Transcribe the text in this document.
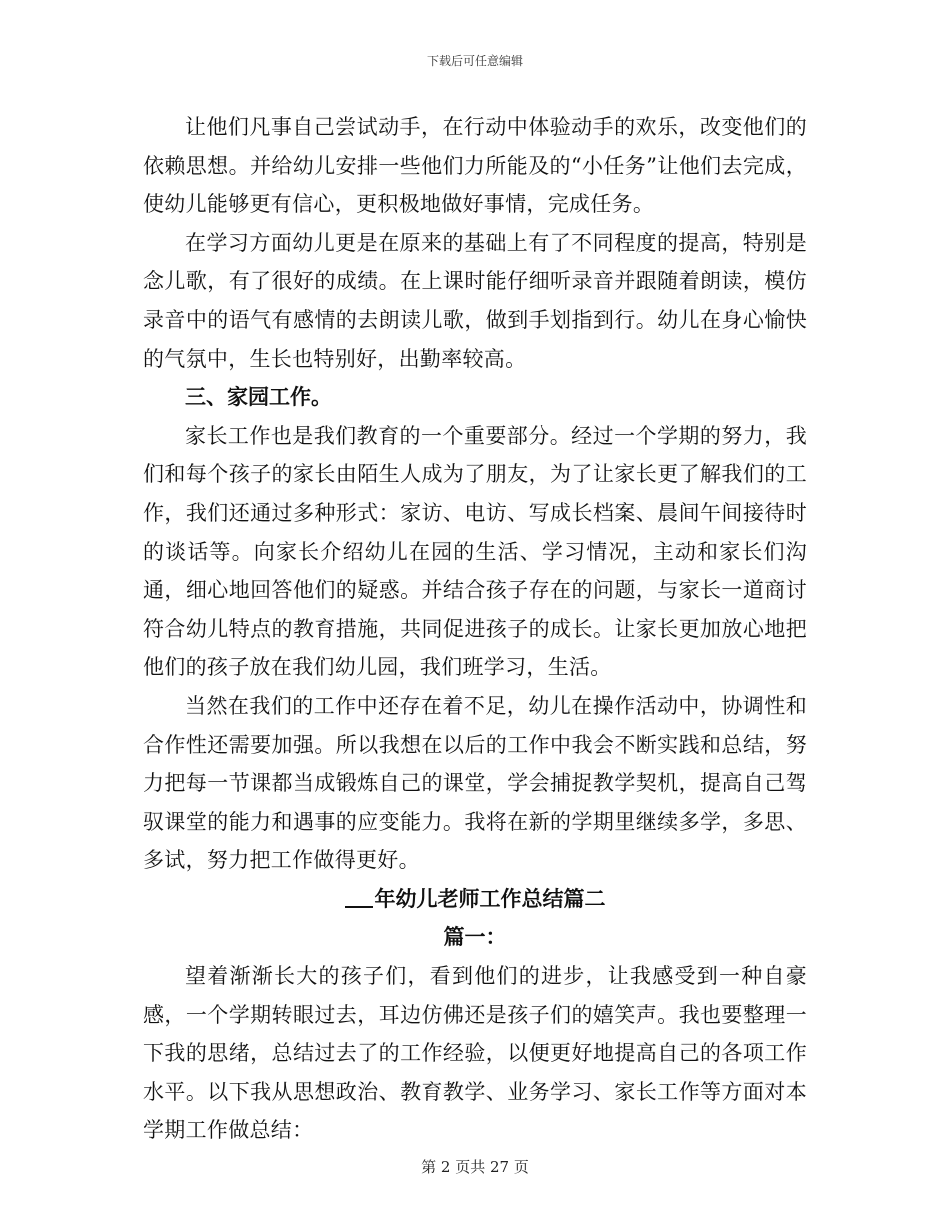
下载后可任意编辑

让他们凡事自己尝试动手，在行动中体验动手的欢乐，改变他们的依赖思想。并给幼儿安排一些他们力所能及的“小任务”让他们去完成，使幼儿能够更有信心，更积极地做好事情，完成任务。

在学习方面幼儿更是在原来的基础上有了不同程度的提高，特别是念儿歌，有了很好的成绩。在上课时能仔细听录音并跟随着朗读，模仿录音中的语气有感情的去朗读儿歌，做到手划指到行。幼儿在身心愉快的气氛中，生长也特别好，出勤率较高。

三、家园工作。

家长工作也是我们教育的一个重要部分。经过一个学期的努力，我们和每个孩子的家长由陌生人成为了朋友，为了让家长更了解我们的工作，我们还通过多种形式：家访、电访、写成长档案、晨间午间接待时的谈话等。向家长介绍幼儿在园的生活、学习情况，主动和家长们沟通，细心地回答他们的疑惑。并结合孩子存在的问题，与家长一道商讨符合幼儿特点的教育措施，共同促进孩子的成长。让家长更加放心地把他们的孩子放在我们幼儿园，我们班学习，生活。

当然在我们的工作中还存在着不足，幼儿在操作活动中，协调性和合作性还需要加强。所以我想在以后的工作中我会不断实践和总结，努力把每一节课都当成锻炼自己的课堂，学会捕捉教学契机，提高自己驾驭课堂的能力和遇事的应变能力。我将在新的学期里继续多学，多思、多试，努力把工作做得更好。

年幼儿老师工作总结篇二

篇一：

望着渐渐长大的孩子们，看到他们的进步，让我感受到一种自豪感，一个学期转眼过去，耳边仿佛还是孩子们的嬉笑声。我也要整理一下我的思绪，总结过去了的工作经验，以便更好地提高自己的各项工作水平。以下我从思想政治、教育教学、业务学习、家长工作等方面对本学期工作做总结：

第 2 页共 27 页
